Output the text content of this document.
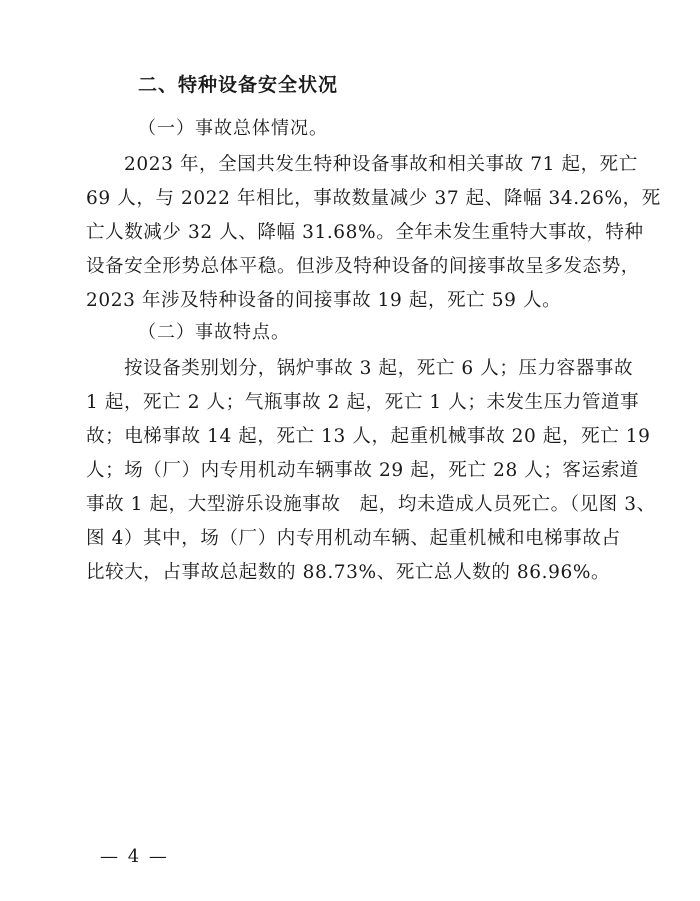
二、特种设备安全状况
（一）事故总体情况。
2023 年，全国共发生特种设备事故和相关事故 71 起，死亡
69 人，与 2022 年相比，事故数量减少 37 起、降幅 34.26%，死
亡人数减少 32 人、降幅 31.68%。全年未发生重特大事故，特种
设备安全形势总体平稳。但涉及特种设备的间接事故呈多发态势，
2023 年涉及特种设备的间接事故 19 起，死亡 59 人。
（二）事故特点。
按设备类别划分，锅炉事故 3 起，死亡 6 人；压力容器事故
1 起，死亡 2 人；气瓶事故 2 起，死亡 1 人；未发生压力管道事
故；电梯事故 14 起，死亡 13 人，起重机械事故 20 起，死亡 19
人；场（厂）内专用机动车辆事故 29 起，死亡 28 人；客运索道
事故 1 起，大型游乐设施事故　起，均未造成人员死亡。（见图 3、
图 4）其中，场（厂）内专用机动车辆、起重机械和电梯事故占
比较大，占事故总起数的 88.73%、死亡总人数的 86.96%。
— 4 —
